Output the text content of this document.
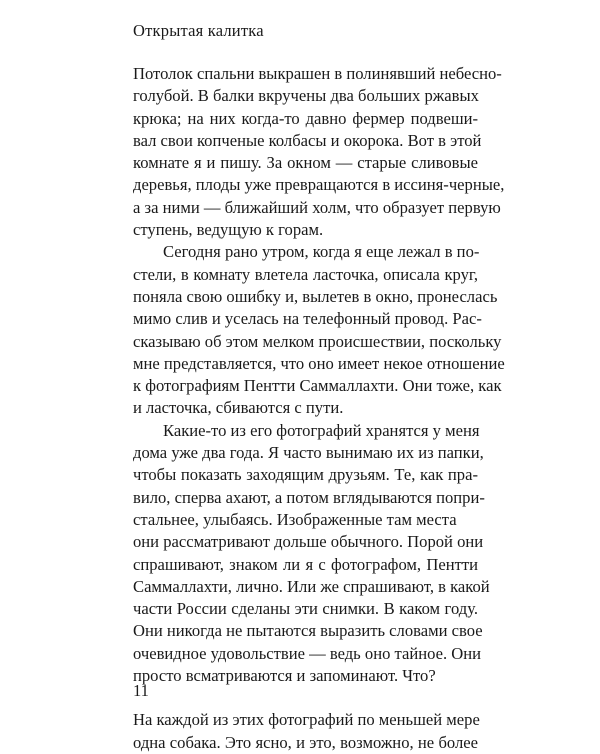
Открытая калитка

Потолок спальни выкрашен в полинявший небесно-
голубой. В балки вкручены два больших ржавых
крюка; на них когда-то давно фермер подвеши-
вал свои копченые колбасы и окорока. Вот в этой
комнате я и пишу. За окном — старые сливовые
деревья, плоды уже превращаются в иссиня-черные,
а за ними — ближайший холм, что образует первую
ступень, ведущую к горам.

Сегодня рано утром, когда я еще лежал в по-
стели, в комнату влетела ласточка, описала круг,
поняла свою ошибку и, вылетев в окно, пронеслась
мимо слив и уселась на телефонный провод. Рас-
сказываю об этом мелком происшествии, поскольку
мне представляется, что оно имеет некое отношение
к фотографиям Пентти Саммаллахти. Они тоже, как
и ласточка, сбиваются с пути.

Какие-то из его фотографий хранятся у меня
дома уже два года. Я часто вынимаю их из папки,
чтобы показать заходящим друзьям. Те, как пра-
вило, сперва ахают, а потом вглядываются попри-
стальнее, улыбаясь. Изображенные там места
они рассматривают дольше обычного. Порой они
спрашивают, знаком ли я с фотографом, Пентти
Саммаллахти, лично. Или же спрашивают, в какой
части России сделаны эти снимки. В каком году.
Они никогда не пытаются выразить словами свое
очевидное удовольствие — ведь оно тайное. Они
просто всматриваются и запоминают. Что?

На каждой из этих фотографий по меньшей мере
одна собака. Это ясно, и это, возможно, не более

11
